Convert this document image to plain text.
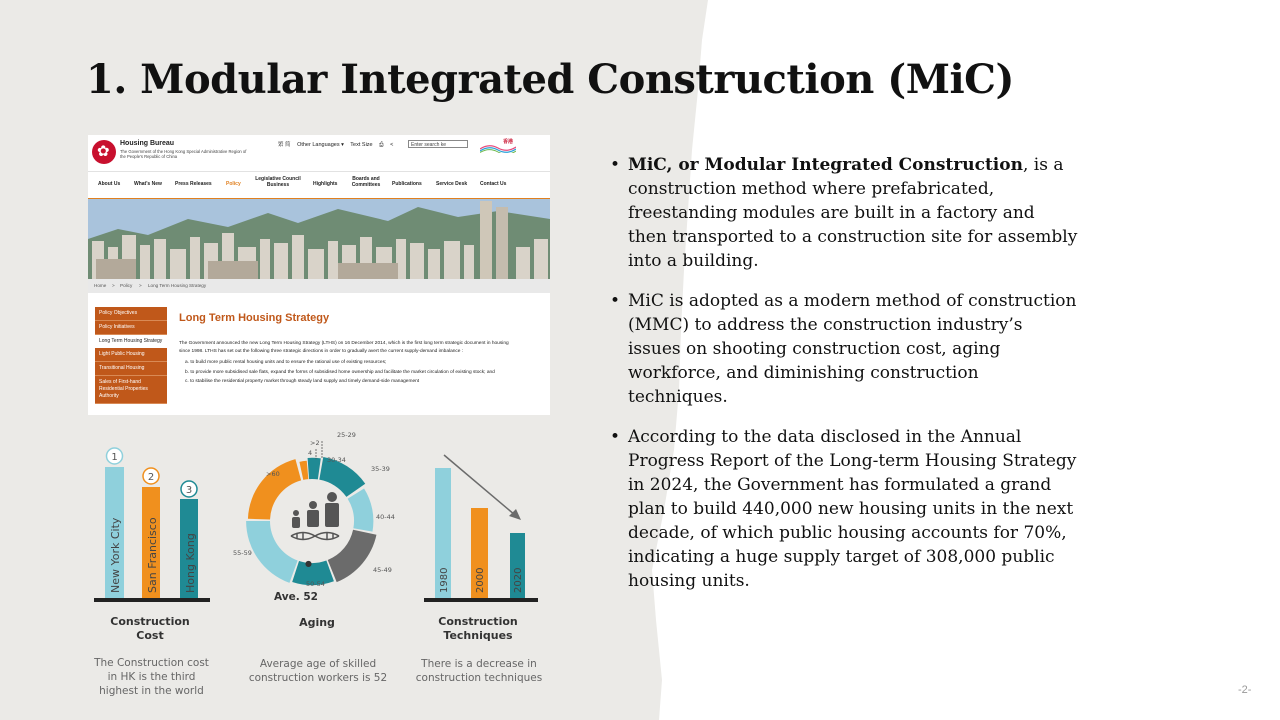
1. Modular Integrated Construction (MiC)
✿
Housing Bureau
The Government of the Hong Kong Special Administrative Region of the People's Republic of China
繁 简 Other Languages ▾ Text Size ⎙ <	Enter search ke	香港
About Us	What's New	Press Releases	Policy
Legislative Council Business	Highlights
Boards and Committees	Publications	Service Desk	Contact Us
Home > Policy > Long Term Housing Strategy
Policy Objectives
Policy Initiatives
Long Term Housing Strategy
Light Public Housing
Transitional Housing
Sales of First-hand Residential Properties Authority
Long Term Housing Strategy

The Government announced the new Long Term Housing Strategy (LTHS) on 16 December 2014, which is the first long term strategic document in housing since 1998. LTHS has set out the following three strategic directions in order to gradually avert the current supply-demand imbalance :

a. to build more public rental housing units and to ensure the rational use of existing resources;

b. to provide more subsidised sale flats, expand the forms of subsidised home ownership and facilitate the market circulation of existing stock; and

c. to stabilise the residential property market through steady land supply and timely demand-side management

1
2
3
New York City San Francisco Hong Kong	●
1980	2000	2020
>2
4
25-29
30-34
35-39
40-44
45-49
50-54
55-59
>60
Ave. 52
Construction
Cost
Aging	Construction
Techniques
The Construction cost
in HK is the third
highest in the world
Average age of skilled
construction workers is 52
There is a decrease in
construction techniques
• MiC, or Modular Integrated Construction, is a construction method where prefabricated, freestanding modules are built in a factory and then transported to a construction site for assembly into a building.
• MiC is adopted as a modern method of construction (MMC) to address the construction industry’s issues on shooting construction cost, aging workforce, and diminishing construction techniques.
• According to the data disclosed in the Annual Progress Report of the Long-term Housing Strategy in 2024, the Government has formulated a grand plan to build 440,000 new housing units in the next decade, of which public housing accounts for 70%, indicating a huge supply target of 308,000 public housing units.
-2-
